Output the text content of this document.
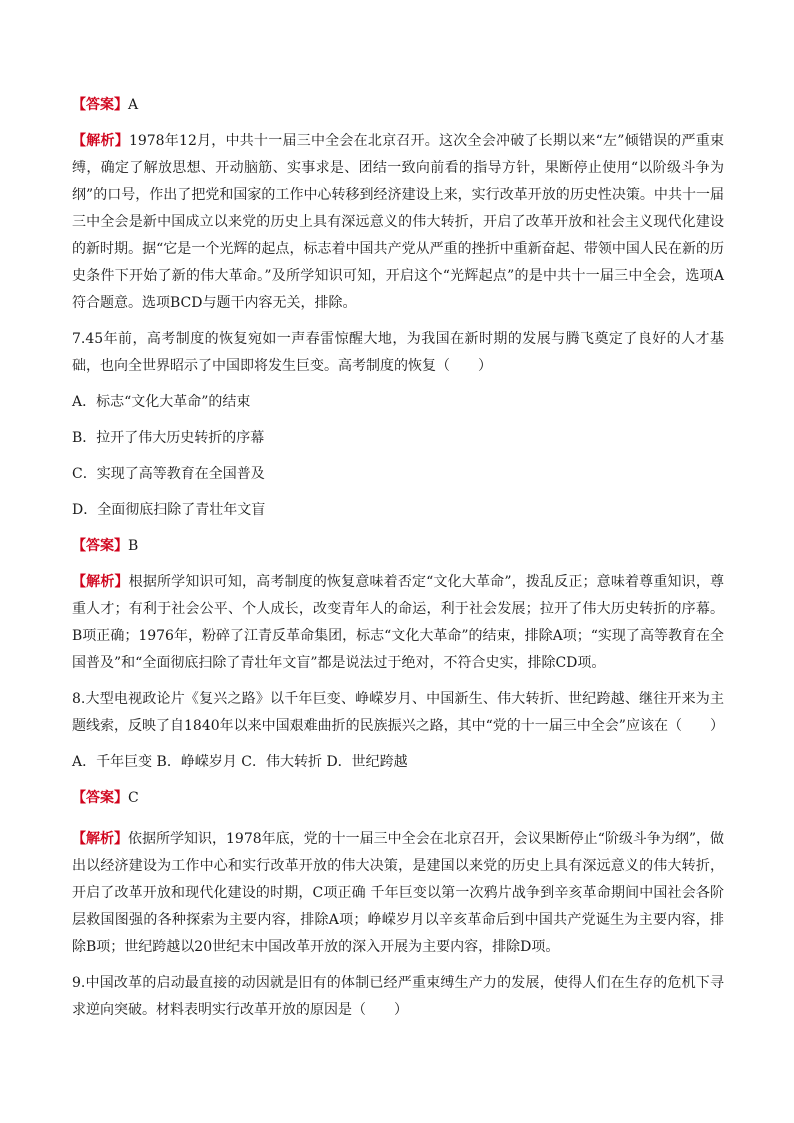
【答案】A

【解析】1978年12月，中共十一届三中全会在北京召开。这次全会冲破了长期以来“左”倾错误的严重束缚，确定了解放思想、开动脑筋、实事求是、团结一致向前看的指导方针，果断停止使用“以阶级斗争为纲”的口号，作出了把党和国家的工作中心转移到经济建设上来，实行改革开放的历史性决策。中共十一届三中全会是新中国成立以来党的历史上具有深远意义的伟大转折，开启了改革开放和社会主义现代化建设的新时期。据“它是一个光辉的起点，标志着中国共产党从严重的挫折中重新奋起、带领中国人民在新的历史条件下开始了新的伟大革命。”及所学知识可知，开启这个“光辉起点”的是中共十一届三中全会，选项A符合题意。选项BCD与题干内容无关，排除。

7.45年前，高考制度的恢复宛如一声春雷惊醒大地，为我国在新时期的发展与腾飞奠定了良好的人才基础，也向全世界昭示了中国即将发生巨变。高考制度的恢复（　　）

A．标志“文化大革命”的结束

B．拉开了伟大历史转折的序幕

C．实现了高等教育在全国普及

D．全面彻底扫除了青壮年文盲

【答案】B

【解析】根据所学知识可知，高考制度的恢复意味着否定“文化大革命”，拨乱反正；意味着尊重知识，尊重人才；有利于社会公平、个人成长，改变青年人的命运，利于社会发展；拉开了伟大历史转折的序幕。B项正确；1976年，粉碎了江青反革命集团，标志“文化大革命”的结束，排除A项；“实现了高等教育在全国普及”和“全面彻底扫除了青壮年文盲”都是说法过于绝对，不符合史实，排除CD项。

8.大型电视政论片《复兴之路》以千年巨变、峥嵘岁月、中国新生、伟大转折、世纪跨越、继往开来为主题线索，反映了自1840年以来中国艰难曲折的民族振兴之路，其中“党的十一届三中全会”应该在（　　）

A．千年巨变 B．峥嵘岁月 C．伟大转折 D．世纪跨越

【答案】C

【解析】依据所学知识，1978年底，党的十一届三中全会在北京召开，会议果断停止“阶级斗争为纲”，做出以经济建设为工作中心和实行改革开放的伟大决策，是建国以来党的历史上具有深远意义的伟大转折，开启了改革开放和现代化建设的时期，C项正确 千年巨变以第一次鸦片战争到辛亥革命期间中国社会各阶层救国图强的各种探索为主要内容，排除A项；峥嵘岁月以辛亥革命后到中国共产党诞生为主要内容，排除B项；世纪跨越以20世纪末中国改革开放的深入开展为主要内容，排除D项。

9.中国改革的启动最直接的动因就是旧有的体制已经严重束缚生产力的发展，使得人们在生存的危机下寻求逆向突破。材料表明实行改革开放的原因是（　　）
